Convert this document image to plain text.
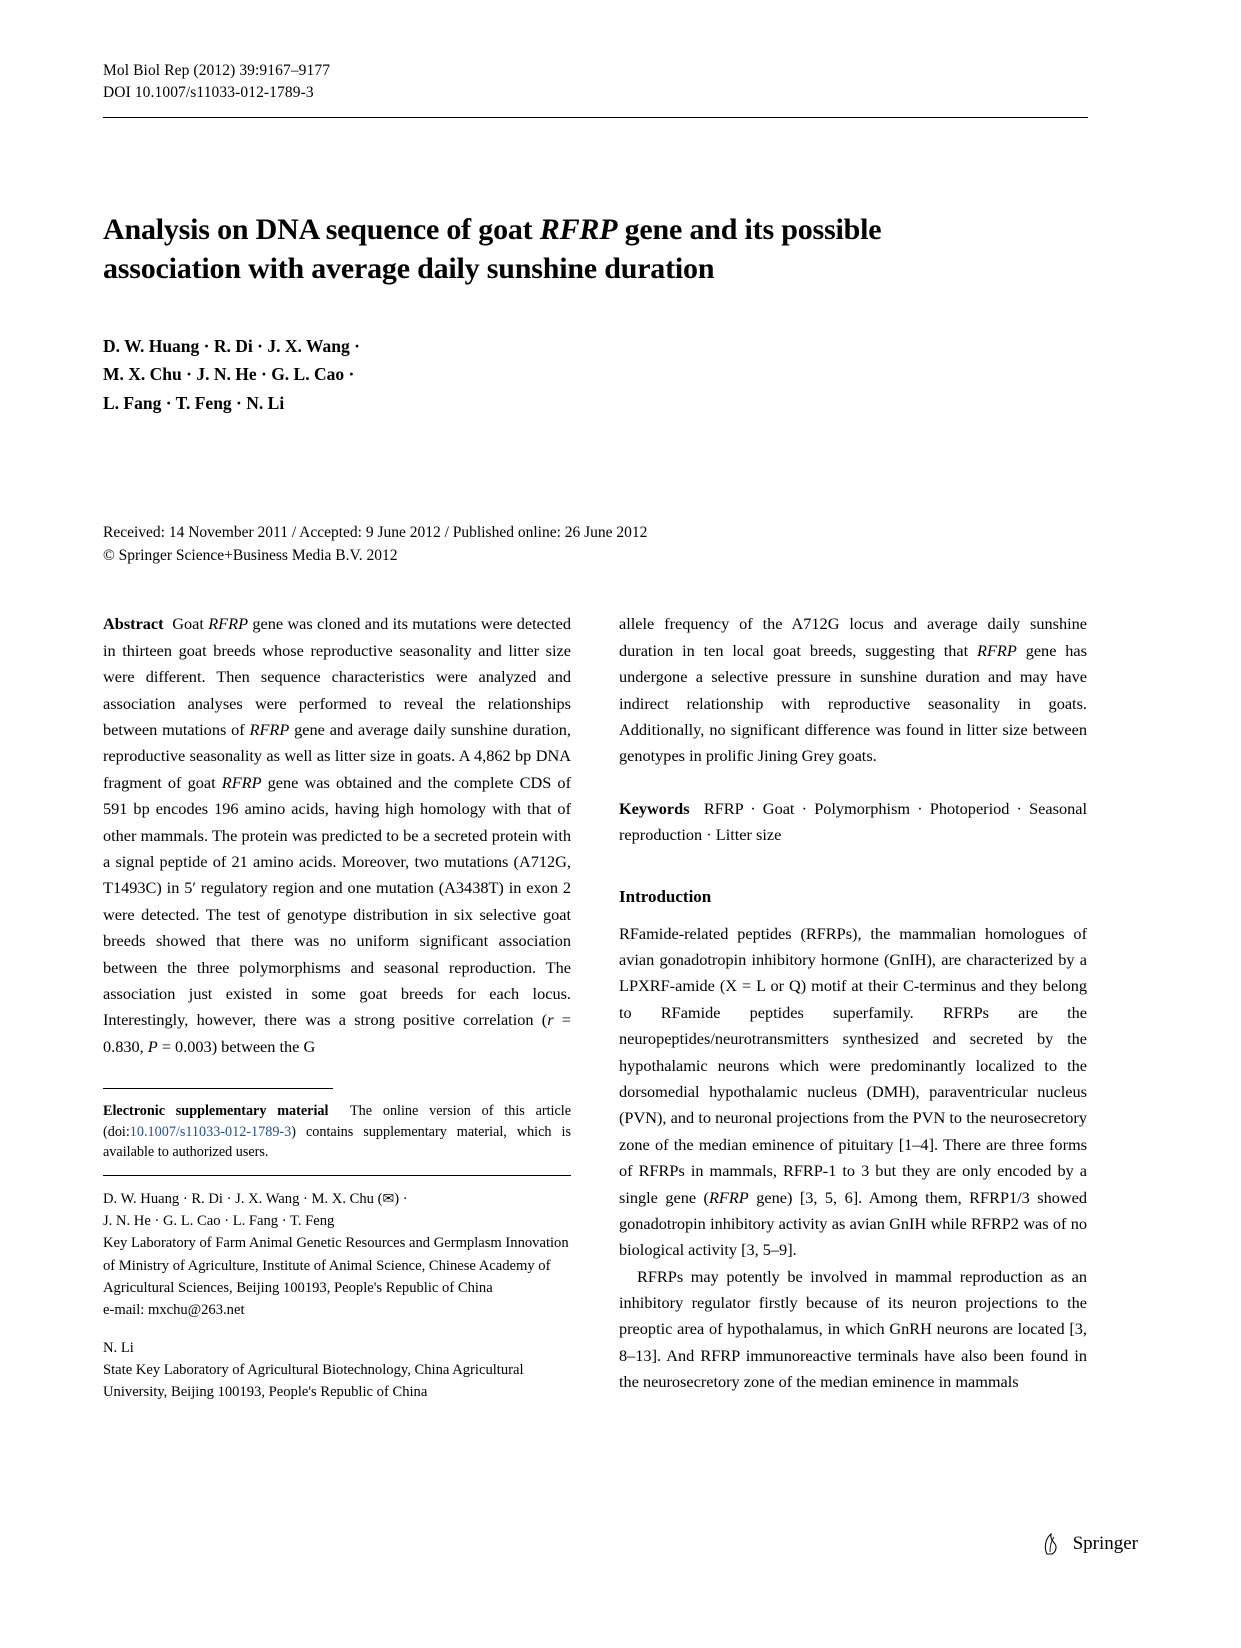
Mol Biol Rep (2012) 39:9167–9177
DOI 10.1007/s11033-012-1789-3
Analysis on DNA sequence of goat RFRP gene and its possible
association with average daily sunshine duration
D. W. Huang · R. Di · J. X. Wang ·
M. X. Chu · J. N. He · G. L. Cao ·
L. Fang · T. Feng · N. Li
Received: 14 November 2011 / Accepted: 9 June 2012 / Published online: 26 June 2012
© Springer Science+Business Media B.V. 2012
Abstract Goat RFRP gene was cloned and its mutations were detected in thirteen goat breeds whose reproductive seasonality and litter size were different. Then sequence characteristics were analyzed and association analyses were performed to reveal the relationships between mutations of RFRP gene and average daily sunshine duration, reproductive seasonality as well as litter size in goats. A 4,862 bp DNA fragment of goat RFRP gene was obtained and the complete CDS of 591 bp encodes 196 amino acids, having high homology with that of other mammals. The protein was predicted to be a secreted protein with a signal peptide of 21 amino acids. Moreover, two mutations (A712G, T1493C) in 5′ regulatory region and one mutation (A3438T) in exon 2 were detected. The test of genotype distribution in six selective goat breeds showed that there was no uniform significant association between the three polymorphisms and seasonal reproduction. The association just existed in some goat breeds for each locus. Interestingly, however, there was a strong positive correlation (r = 0.830, P = 0.003) between the G
Electronic supplementary material The online version of this article (doi:10.1007/s11033-012-1789-3) contains supplementary material, which is available to authorized users.
D. W. Huang · R. Di · J. X. Wang · M. X. Chu (✉) ·
J. N. He · G. L. Cao · L. Fang · T. Feng
Key Laboratory of Farm Animal Genetic Resources and Germplasm Innovation of Ministry of Agriculture, Institute of Animal Science, Chinese Academy of Agricultural Sciences, Beijing 100193, People's Republic of China
e-mail: mxchu@263.net
N. Li
State Key Laboratory of Agricultural Biotechnology, China Agricultural University, Beijing 100193, People's Republic of China
allele frequency of the A712G locus and average daily sunshine duration in ten local goat breeds, suggesting that RFRP gene has undergone a selective pressure in sunshine duration and may have indirect relationship with reproductive seasonality in goats. Additionally, no significant difference was found in litter size between genotypes in prolific Jining Grey goats.
Keywords RFRP · Goat · Polymorphism · Photoperiod · Seasonal reproduction · Litter size
Introduction
RFamide-related peptides (RFRPs), the mammalian homologues of avian gonadotropin inhibitory hormone (GnIH), are characterized by a LPXRF-amide (X = L or Q) motif at their C-terminus and they belong to RFamide peptides superfamily. RFRPs are the neuropeptides/neurotransmitters synthesized and secreted by the hypothalamic neurons which were predominantly localized to the dorsomedial hypothalamic nucleus (DMH), paraventricular nucleus (PVN), and to neuronal projections from the PVN to the neurosecretory zone of the median eminence of pituitary [1–4]. There are three forms of RFRPs in mammals, RFRP-1 to 3 but they are only encoded by a single gene (RFRP gene) [3, 5, 6]. Among them, RFRP1/3 showed gonadotropin inhibitory activity as avian GnIH while RFRP2 was of no biological activity [3, 5–9].
RFRPs may potently be involved in mammal reproduction as an inhibitory regulator firstly because of its neuron projections to the preoptic area of hypothalamus, in which GnRH neurons are located [3, 8–13]. And RFRP immunoreactive terminals have also been found in the neurosecretory zone of the median eminence in mammals
Springer
